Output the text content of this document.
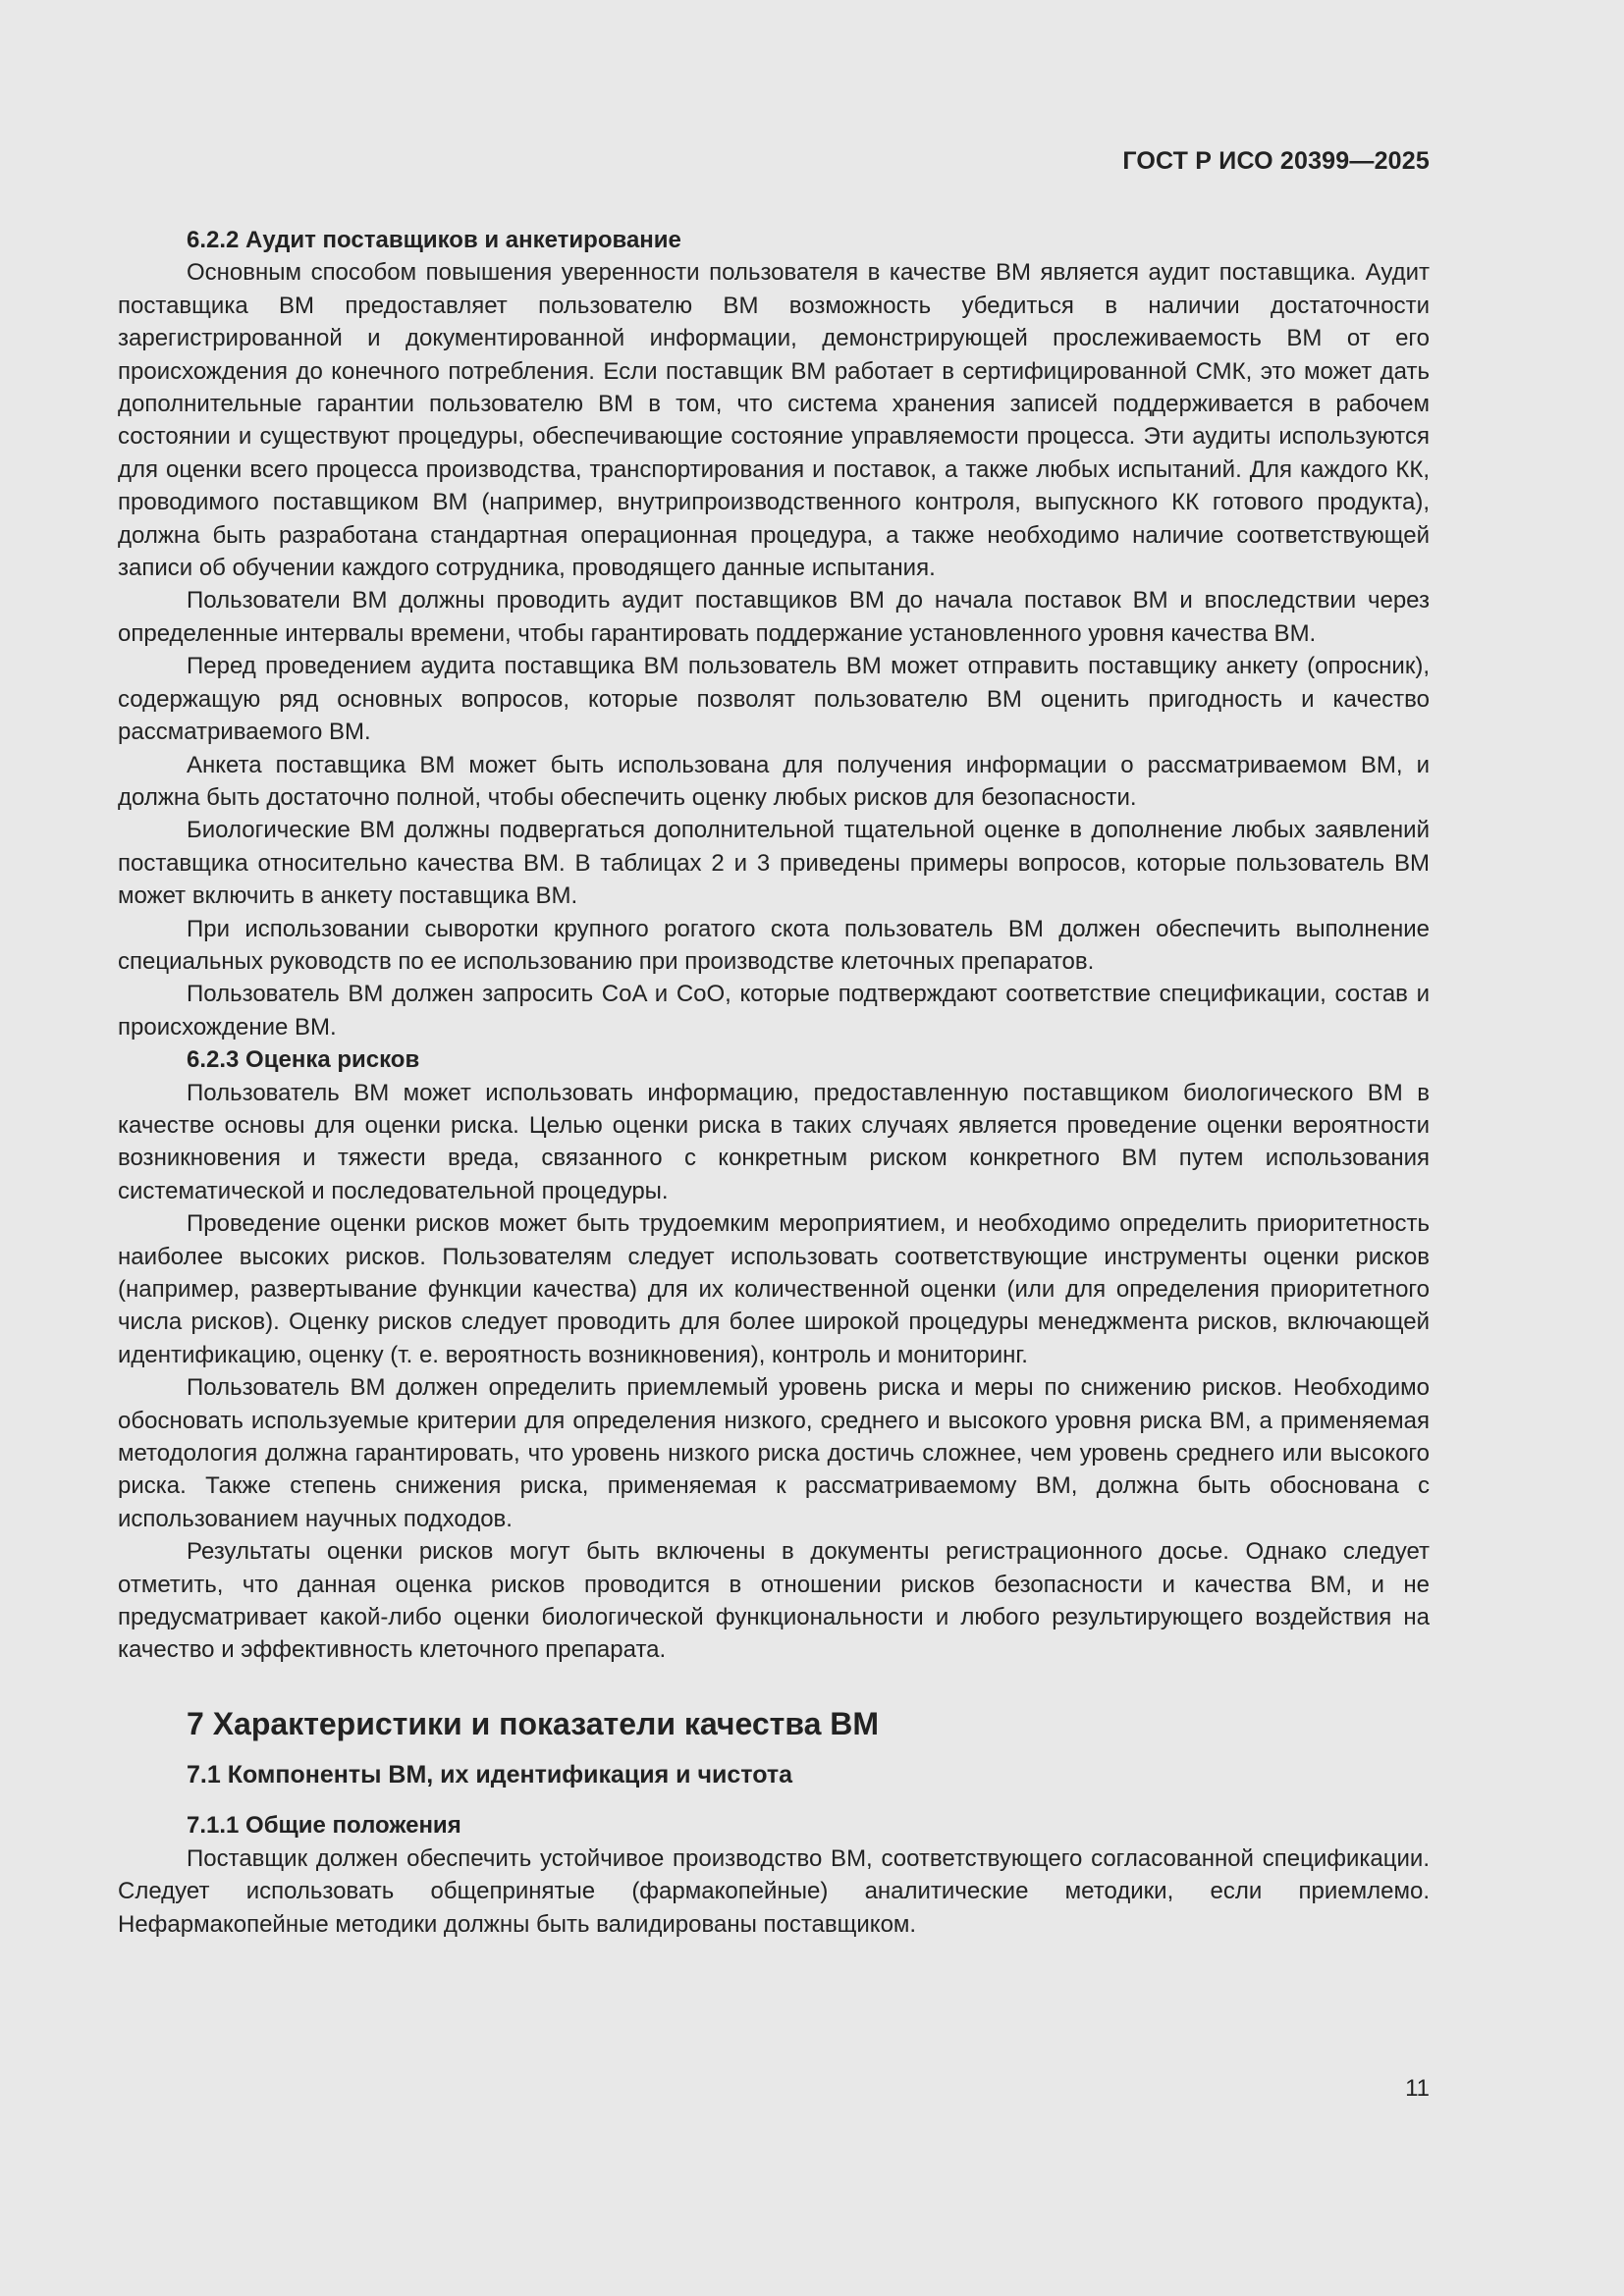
ГОСТ Р ИСО 20399—2025
6.2.2 Аудит поставщиков и анкетирование

Основным способом повышения уверенности пользователя в качестве ВМ является аудит поставщика. Аудит поставщика ВМ предоставляет пользователю ВМ возможность убедиться в наличии достаточности зарегистрированной и документированной информации, демонстрирующей прослеживаемость ВМ от его происхождения до конечного потребления. Если поставщик ВМ работает в сертифицированной СМК, это может дать дополнительные гарантии пользователю ВМ в том, что система хранения записей поддерживается в рабочем состоянии и существуют процедуры, обеспечивающие состояние управляемости процесса. Эти аудиты используются для оценки всего процесса производства, транспортирования и поставок, а также любых испытаний. Для каждого КК, проводимого поставщиком ВМ (например, внутрипроизводственного контроля, выпускного КК готового продукта), должна быть разработана стандартная операционная процедура, а также необходимо наличие соответствующей записи об обучении каждого сотрудника, проводящего данные испытания.

Пользователи ВМ должны проводить аудит поставщиков ВМ до начала поставок ВМ и впоследствии через определенные интервалы времени, чтобы гарантировать поддержание установленного уровня качества ВМ.

Перед проведением аудита поставщика ВМ пользователь ВМ может отправить поставщику анкету (опросник), содержащую ряд основных вопросов, которые позволят пользователю ВМ оценить пригодность и качество рассматриваемого ВМ.

Анкета поставщика ВМ может быть использована для получения информации о рассматриваемом ВМ, и должна быть достаточно полной, чтобы обеспечить оценку любых рисков для безопасности.

Биологические ВМ должны подвергаться дополнительной тщательной оценке в дополнение любых заявлений поставщика относительно качества ВМ. В таблицах 2 и 3 приведены примеры вопросов, которые пользователь ВМ может включить в анкету поставщика ВМ.

При использовании сыворотки крупного рогатого скота пользователь ВМ должен обеспечить выполнение специальных руководств по ее использованию при производстве клеточных препаратов.

Пользователь ВМ должен запросить CoA и CoO, которые подтверждают соответствие спецификации, состав и происхождение ВМ.

6.2.3 Оценка рисков

Пользователь ВМ может использовать информацию, предоставленную поставщиком биологического ВМ в качестве основы для оценки риска. Целью оценки риска в таких случаях является проведение оценки вероятности возникновения и тяжести вреда, связанного с конкретным риском конкретного ВМ путем использования систематической и последовательной процедуры.

Проведение оценки рисков может быть трудоемким мероприятием, и необходимо определить приоритетность наиболее высоких рисков. Пользователям следует использовать соответствующие инструменты оценки рисков (например, развертывание функции качества) для их количественной оценки (или для определения приоритетного числа рисков). Оценку рисков следует проводить для более широкой процедуры менеджмента рисков, включающей идентификацию, оценку (т. е. вероятность возникновения), контроль и мониторинг.

Пользователь ВМ должен определить приемлемый уровень риска и меры по снижению рисков. Необходимо обосновать используемые критерии для определения низкого, среднего и высокого уровня риска ВМ, а применяемая методология должна гарантировать, что уровень низкого риска достичь сложнее, чем уровень среднего или высокого риска. Также степень снижения риска, применяемая к рассматриваемому ВМ, должна быть обоснована с использованием научных подходов.

Результаты оценки рисков могут быть включены в документы регистрационного досье. Однако следует отметить, что данная оценка рисков проводится в отношении рисков безопасности и качества ВМ, и не предусматривает какой-либо оценки биологической функциональности и любого результирующего воздействия на качество и эффективность клеточного препарата.

7 Характеристики и показатели качества ВМ
7.1 Компоненты ВМ, их идентификация и чистота
7.1.1 Общие положения

Поставщик должен обеспечить устойчивое производство ВМ, соответствующего согласованной спецификации. Следует использовать общепринятые (фармакопейные) аналитические методики, если приемлемо. Нефармакопейные методики должны быть валидированы поставщиком.

11
